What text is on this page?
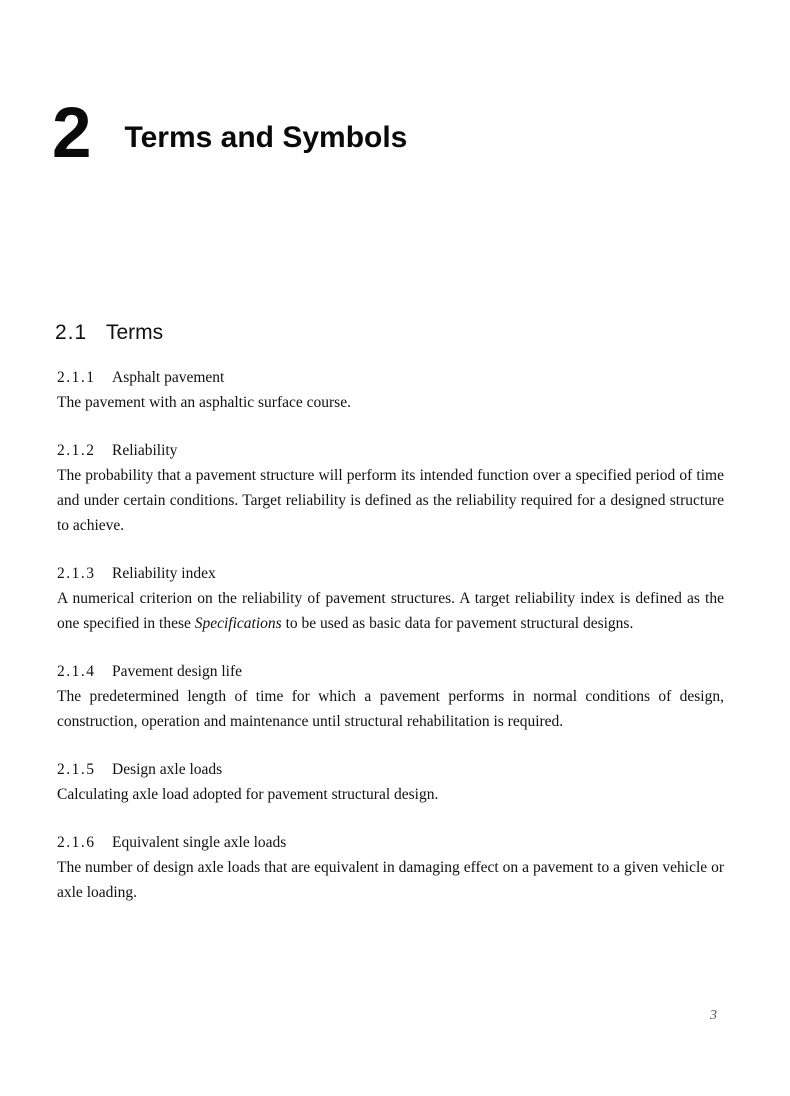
2 Terms and Symbols
2.1 Terms
2.1.1	Asphalt pavement

The pavement with an asphaltic surface course.

2.1.2	Reliability

The probability that a pavement structure will perform its intended function over a specified period of time and under certain conditions. Target reliability is defined as the reliability required for a designed structure to achieve.

2.1.3	Reliability index

A numerical criterion on the reliability of pavement structures. A target reliability index is defined as the one specified in these Specifications to be used as basic data for pavement structural designs.

2.1.4	Pavement design life

The predetermined length of time for which a pavement performs in normal conditions of design, construction, operation and maintenance until structural rehabilitation is required.

2.1.5	Design axle loads

Calculating axle load adopted for pavement structural design.

2.1.6	Equivalent single axle loads

The number of design axle loads that are equivalent in damaging effect on a pavement to a given vehicle or axle loading.

3
